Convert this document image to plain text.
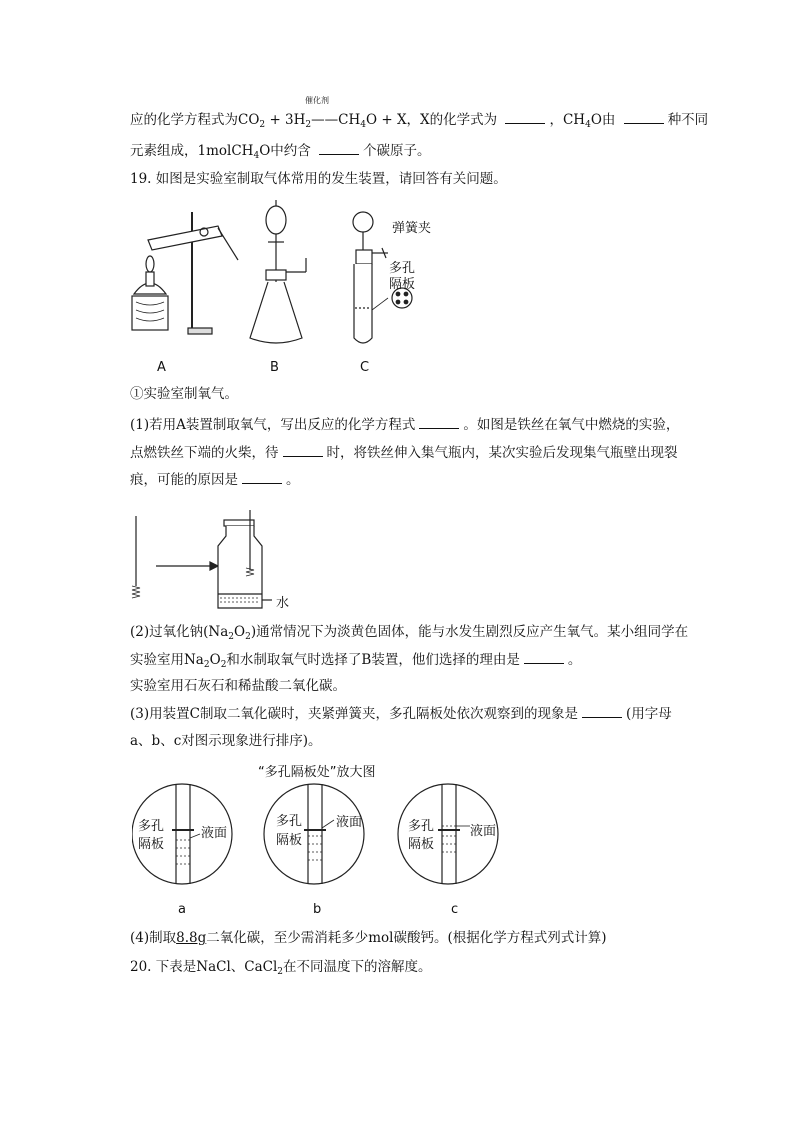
催化剂
应的化学方程式为$CO_2$ + $3H_2——CH_4O + X$，X的化学式为	，$CH_4O$由	种不同
元素组成，1molCH$_4$O中约含	个碳原子。
19. 如图是实验室制取气体常用的发生装置，请回答有关问题。
弹簧夹
多孔
隔板
A	B	C
①实验室制氧气。
(1)若用A装置制取氧气，写出反应的化学方程式	。如图是铁丝在氧气中燃烧的实验，
点燃铁丝下端的火柴，待	时，将铁丝伸入集气瓶内，某次实验后发现集气瓶壁出现裂
痕，可能的原因是	。
水
(2)过氧化钠$(Na_2O_2)$通常情况下为淡黄色固体，能与水发生剧烈反应产生氧气。某小组同学在
实验室用$Na_2O_2$和水制取氧气时选择了B装置，他们选择的理由是	。
实验室用石灰石和稀盐酸二氧化碳。
(3)用装置C制取二氧化碳时，夹紧弹簧夹，多孔隔板处依次观察到的现象是	(用字母
a、b、c对图示现象进行排序)。
“多孔隔板处”放大图
多孔
隔板
液面
多孔
隔板
液面	多孔
隔板
液面
a	b	c
(4)制取8.8g二氧化碳，至少需消耗多少mol碳酸钙。(根据化学方程式列式计算)
20. 下表是NaCl、CaCl$_2$在不同温度下的溶解度。
